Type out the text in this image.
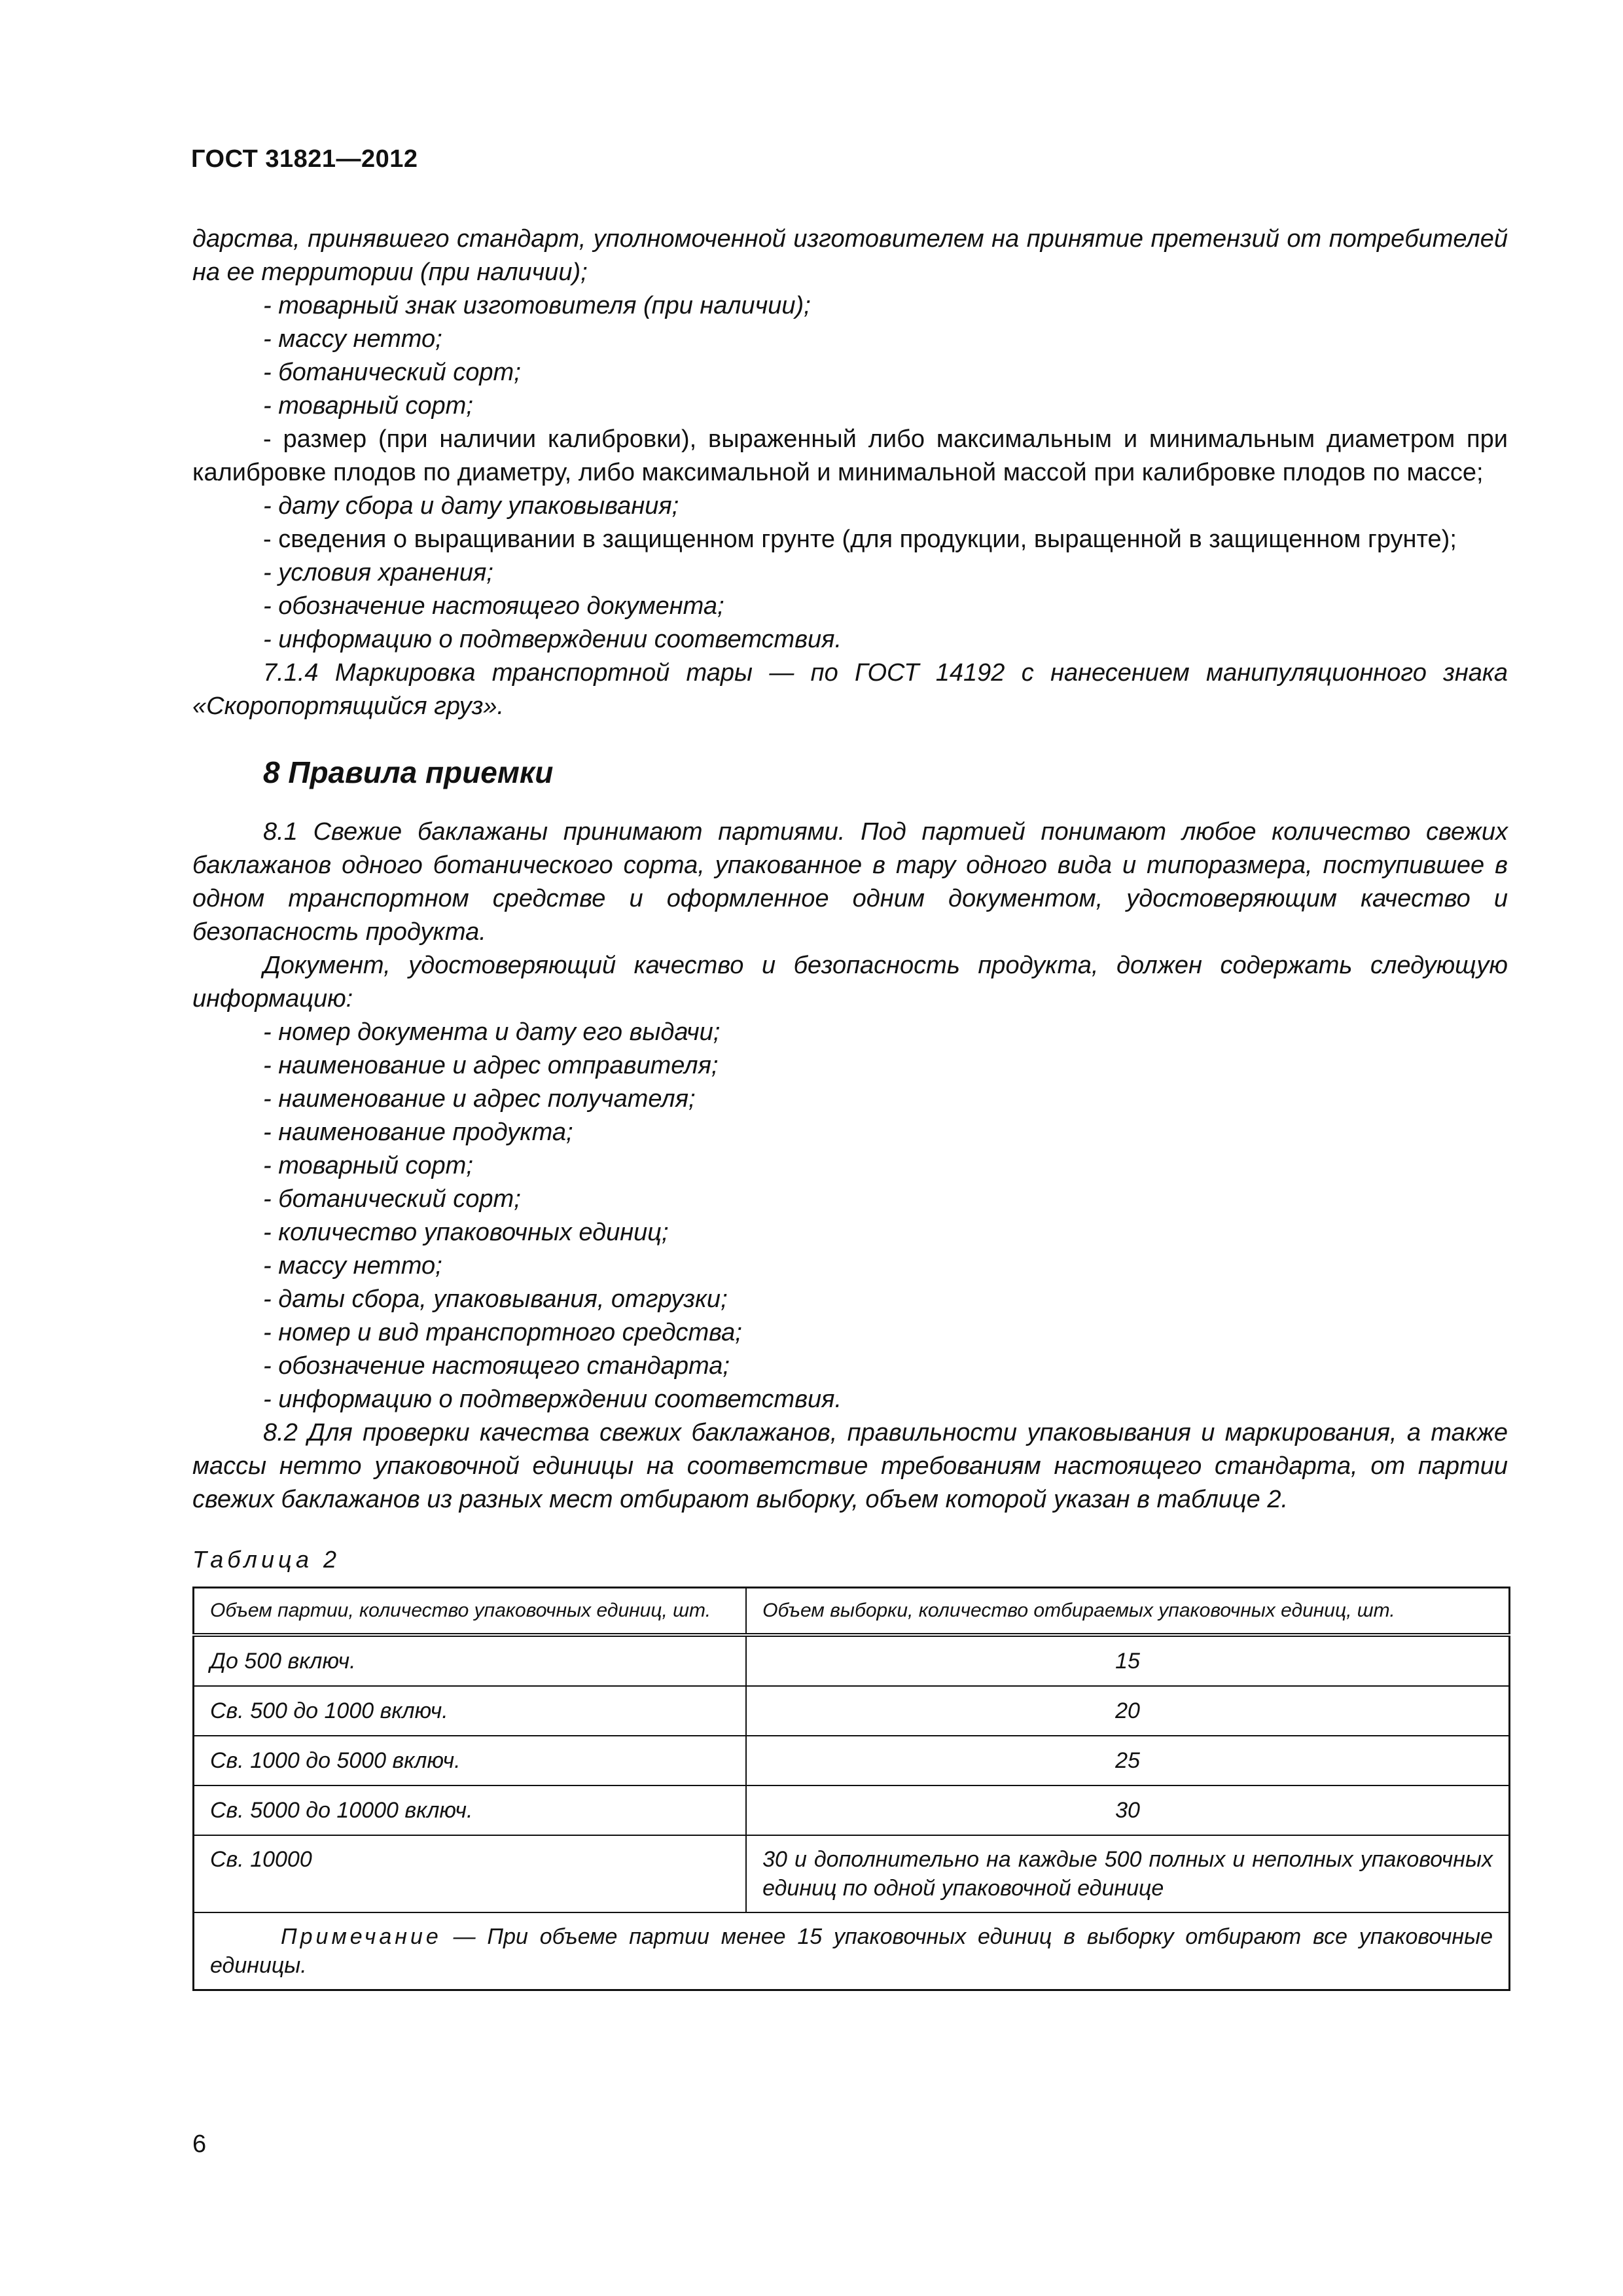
ГОСТ 31821—2012

дарства, принявшего стандарт, уполномоченной изготовителем на принятие претензий от потребителей на ее территории (при наличии);

- товарный знак изготовителя (при наличии);

- массу нетто;

- ботанический сорт;

- товарный сорт;

- размер (при наличии калибровки), выраженный либо максимальным и минимальным диаметром при калибровке плодов по диаметру, либо максимальной и минимальной массой при калибровке плодов по массе;

- дату сбора и дату упаковывания;

- сведения о выращивании в защищенном грунте (для продукции, выращенной в защищенном грунте);

- условия хранения;

- обозначение настоящего документа;

- информацию о подтверждении соответствия.

7.1.4 Маркировка транспортной тары — по ГОСТ 14192 с нанесением манипуляционного знака «Скоропортящийся груз».

8 Правила приемки

8.1 Свежие баклажаны принимают партиями. Под партией понимают любое количество свежих баклажанов одного ботанического сорта, упакованное в тару одного вида и типоразмера, поступившее в одном транспортном средстве и оформленное одним документом, удостоверяющим качество и безопасность продукта.

Документ, удостоверяющий качество и безопасность продукта, должен содержать следующую информацию:

- номер документа и дату его выдачи;

- наименование и адрес отправителя;

- наименование и адрес получателя;

- наименование продукта;

- товарный сорт;

- ботанический сорт;

- количество упаковочных единиц;

- массу нетто;

- даты сбора, упаковывания, отгрузки;

- номер и вид транспортного средства;

- обозначение настоящего стандарта;

- информацию о подтверждении соответствия.

8.2 Для проверки качества свежих баклажанов, правильности упаковывания и маркирования, а также массы нетто упаковочной единицы на соответствие требованиям настоящего стандарта, от партии свежих баклажанов из разных мест отбирают выборку, объем которой указан в таблице 2.

Таблица 2

Объем партии, количество упаковочных единиц, шт.	Объем выборки, количество отбираемых упаковочных единиц, шт.
До 500 включ.	15
Св. 500 до 1000 включ.	20
Св. 1000 до 5000 включ.	25
Св. 5000 до 10000 включ.	30
Св. 10000	30 и дополнительно на каждые 500 полных и неполных упаковочных единиц по одной упаковочной единице
Примечание — При объеме партии менее 15 упаковочных единиц в выборку отбирают все упаковочные единицы.	
6
